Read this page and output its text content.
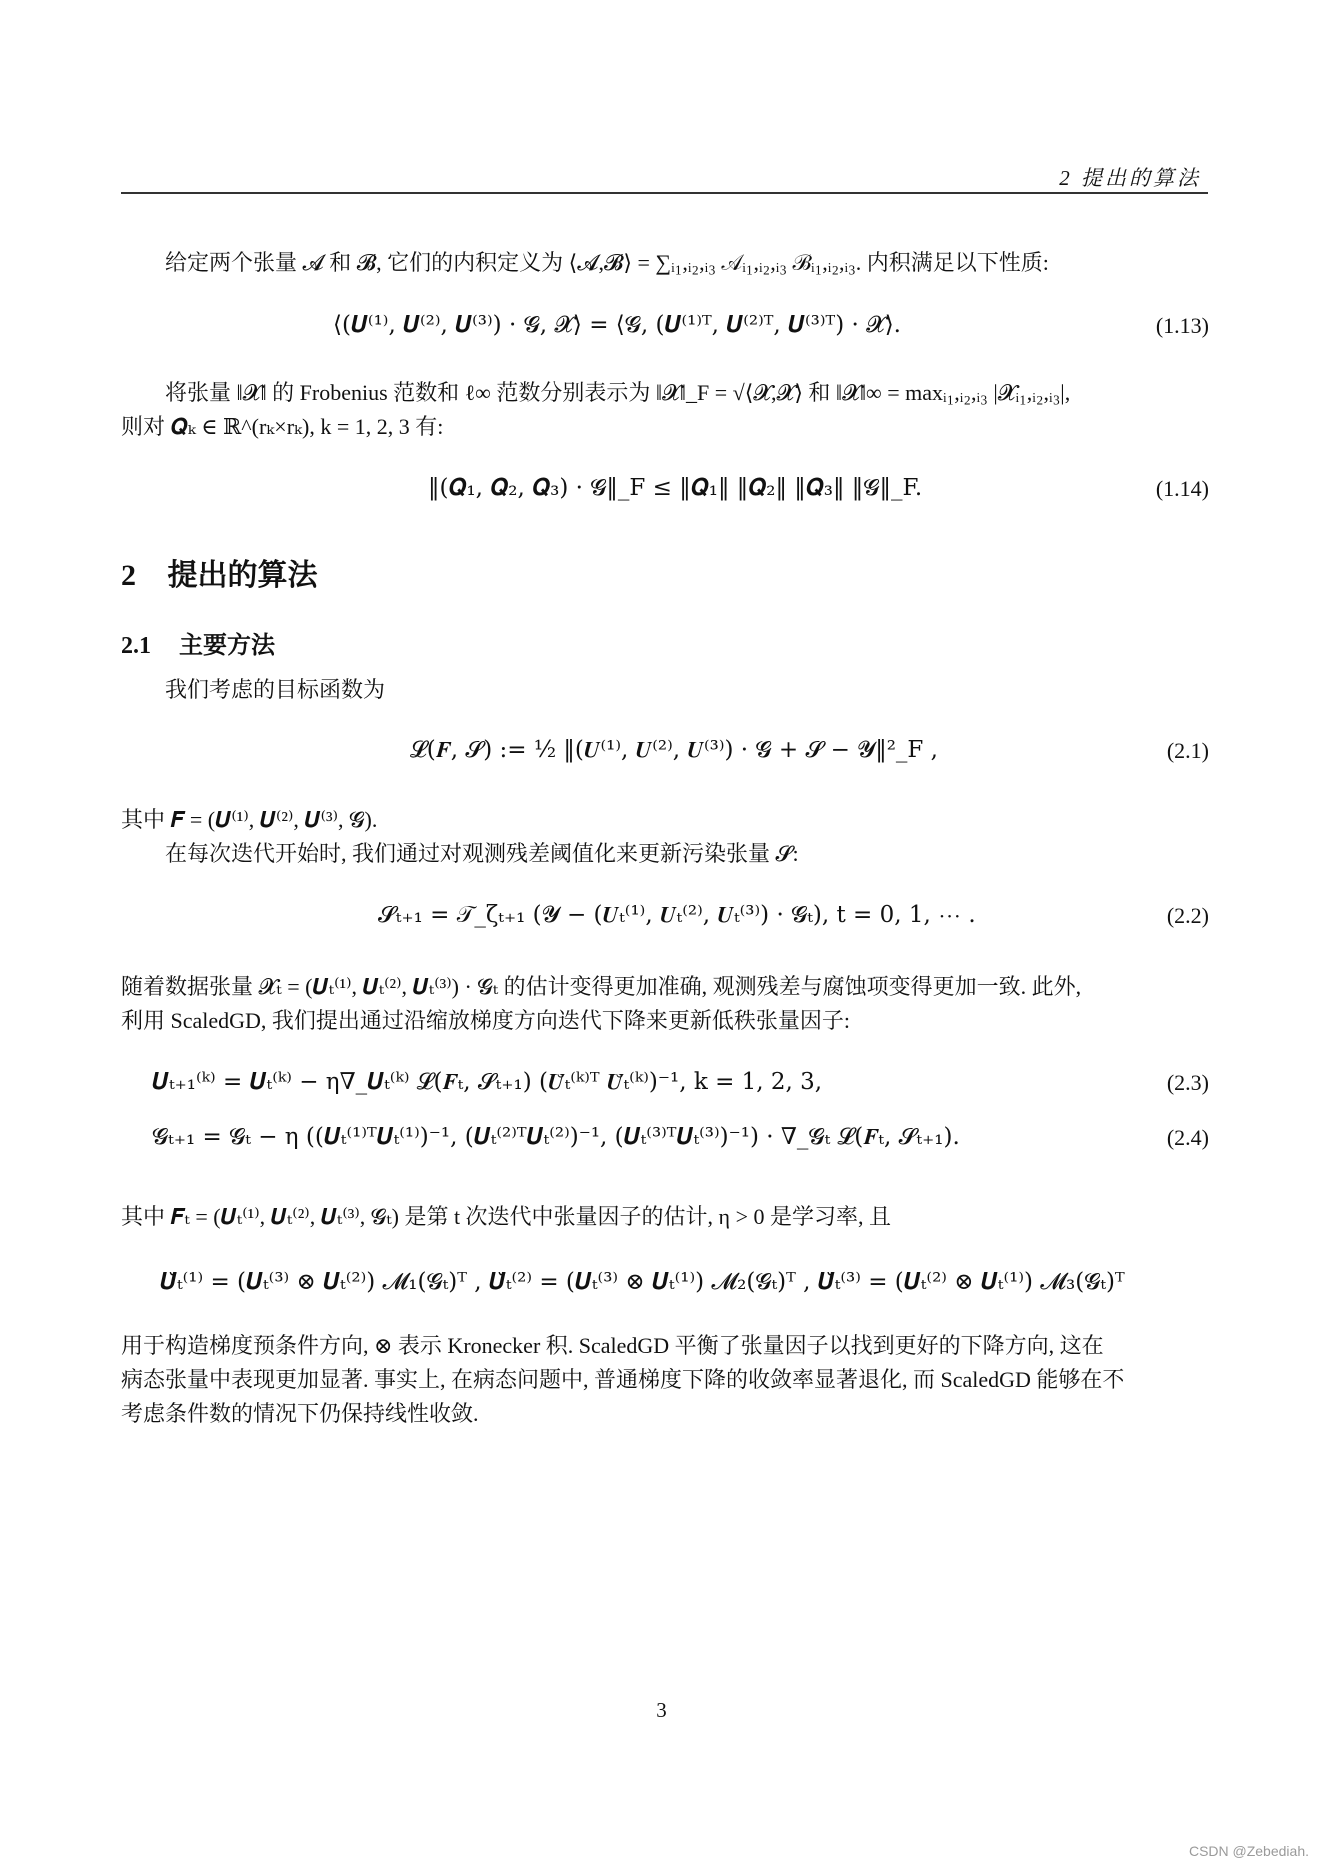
2 提出的算法
给定两个张量 𝓐 和 𝓑, 它们的内积定义为 ⟨𝓐,𝓑⟩ = ∑ᵢ₁,ᵢ₂,ᵢ₃ 𝒜ᵢ₁,ᵢ₂,ᵢ₃ ℬᵢ₁,ᵢ₂,ᵢ₃. 内积满足以下性质:
⟨(𝑼⁽¹⁾, 𝑼⁽²⁾, 𝑼⁽³⁾) · 𝓖, 𝓧⟩ = ⟨𝓖, (𝑼⁽¹⁾ᵀ, 𝑼⁽²⁾ᵀ, 𝑼⁽³⁾ᵀ) · 𝓧⟩.	(1.13)
将张量 ‖𝓧‖ 的 Frobenius 范数和 ℓ∞ 范数分别表示为 ‖𝓧‖_F = √⟨𝓧,𝓧⟩ 和 ‖𝓧‖∞ = maxᵢ₁,ᵢ₂,ᵢ₃ |𝓧ᵢ₁,ᵢ₂,ᵢ₃|,
则对 𝑸ₖ ∈ ℝ^(rₖ×rₖ), k = 1, 2, 3 有:
‖(𝑸₁, 𝑸₂, 𝑸₃) · 𝓖‖_F ≤ ‖𝑸₁‖ ‖𝑸₂‖ ‖𝑸₃‖ ‖𝓖‖_F.	(1.14)
2 提出的算法
2.1 主要方法
我们考虑的目标函数为
𝓛(𝑭, 𝓢) := ½ ‖(𝑼⁽¹⁾, 𝑼⁽²⁾, 𝑼⁽³⁾) · 𝓖 + 𝓢 − 𝓨‖²_F ,	(2.1)
其中 𝑭 = (𝑼⁽¹⁾, 𝑼⁽²⁾, 𝑼⁽³⁾, 𝓖).
在每次迭代开始时, 我们通过对观测残差阈值化来更新污染张量 𝓢:
𝓢ₜ₊₁ = 𝒯_ζₜ₊₁ (𝓨 − (𝑼ₜ⁽¹⁾, 𝑼ₜ⁽²⁾, 𝑼ₜ⁽³⁾) · 𝓖ₜ), t = 0, 1, ⋯ .	(2.2)
随着数据张量 𝓧ₜ = (𝑼ₜ⁽¹⁾, 𝑼ₜ⁽²⁾, 𝑼ₜ⁽³⁾) · 𝓖ₜ 的估计变得更加准确, 观测残差与腐蚀项变得更加一致. 此外,
利用 ScaledGD, 我们提出通过沿缩放梯度方向迭代下降来更新低秩张量因子:
𝑼ₜ₊₁⁽ᵏ⁾ = 𝑼ₜ⁽ᵏ⁾ − η∇_𝑼ₜ⁽ᵏ⁾ 𝓛(𝑭ₜ, 𝓢ₜ₊₁) (𝑼̆ₜ⁽ᵏ⁾ᵀ 𝑼̆ₜ⁽ᵏ⁾)⁻¹, k = 1, 2, 3,	(2.3)
𝓖ₜ₊₁ = 𝓖ₜ − η ((𝑼ₜ⁽¹⁾ᵀ𝑼ₜ⁽¹⁾)⁻¹, (𝑼ₜ⁽²⁾ᵀ𝑼ₜ⁽²⁾)⁻¹, (𝑼ₜ⁽³⁾ᵀ𝑼ₜ⁽³⁾)⁻¹) · ∇_𝓖ₜ 𝓛(𝑭ₜ, 𝓢ₜ₊₁).	(2.4)
其中 𝑭ₜ = (𝑼ₜ⁽¹⁾, 𝑼ₜ⁽²⁾, 𝑼ₜ⁽³⁾, 𝓖ₜ) 是第 t 次迭代中张量因子的估计, η > 0 是学习率, 且
𝑼̆ₜ⁽¹⁾ = (𝑼ₜ⁽³⁾ ⊗ 𝑼ₜ⁽²⁾) 𝓜₁(𝓖ₜ)ᵀ , 𝑼̆ₜ⁽²⁾ = (𝑼ₜ⁽³⁾ ⊗ 𝑼ₜ⁽¹⁾) 𝓜₂(𝓖ₜ)ᵀ , 𝑼̆ₜ⁽³⁾ = (𝑼ₜ⁽²⁾ ⊗ 𝑼ₜ⁽¹⁾) 𝓜₃(𝓖ₜ)ᵀ
用于构造梯度预条件方向, ⊗ 表示 Kronecker 积. ScaledGD 平衡了张量因子以找到更好的下降方向, 这在
病态张量中表现更加显著. 事实上, 在病态问题中, 普通梯度下降的收敛率显著退化, 而 ScaledGD 能够在不
考虑条件数的情况下仍保持线性收敛.
3
CSDN @Zebediah.
